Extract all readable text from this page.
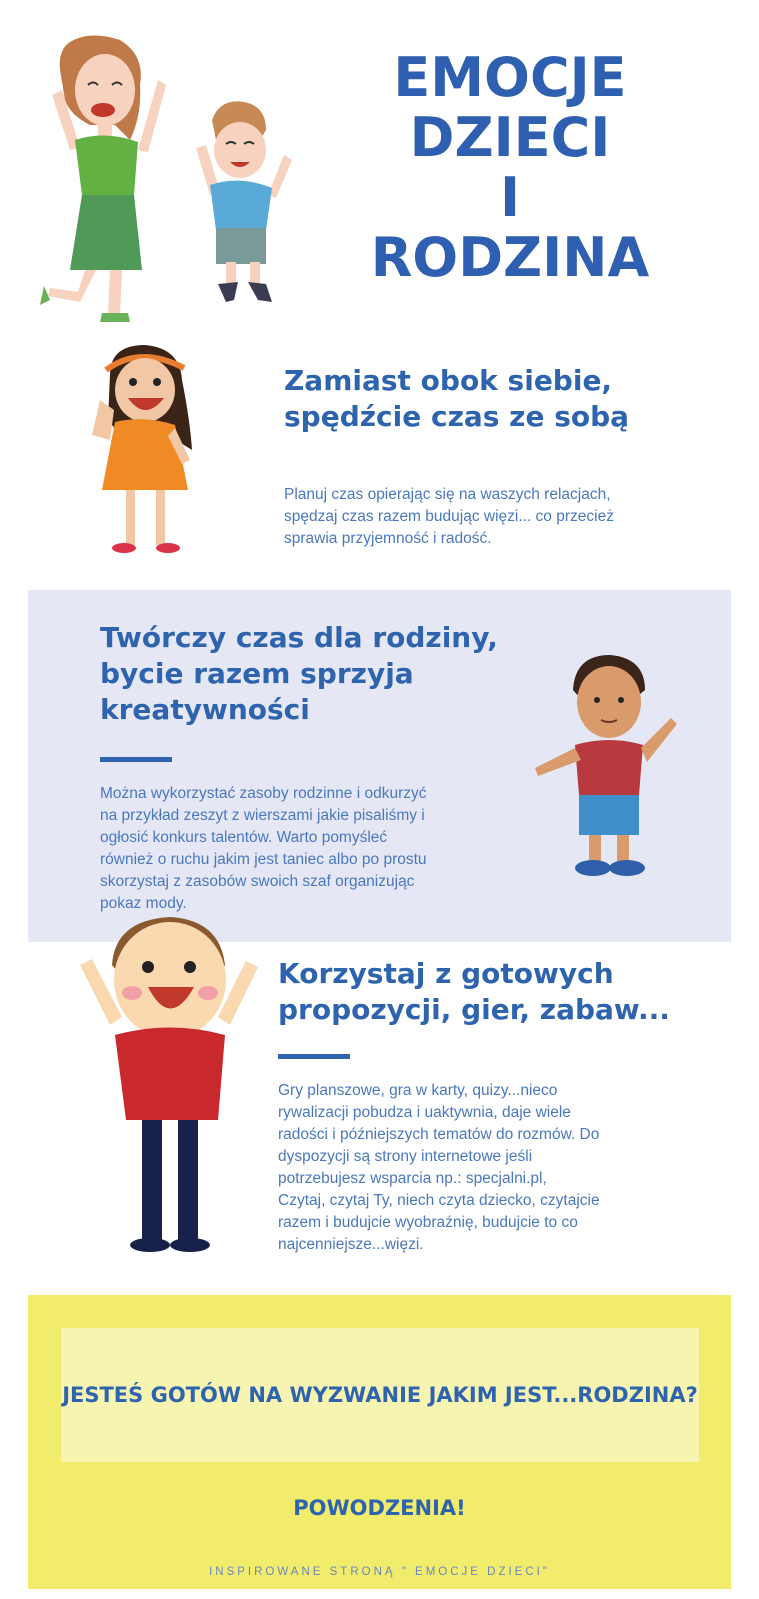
EMOCJE
DZIECI
I
RODZINA
Zamiast obok siebie,
spędźcie czas ze sobą
Planuj czas opierając się na waszych relacjach,
spędzaj czas razem budując więzi... co przecież
sprawia przyjemność i radość.
Twórczy czas dla rodziny,
bycie razem sprzyja
kreatywności
Można wykorzystać zasoby rodzinne i odkurzyć
na przykład zeszyt z wierszami jakie pisaliśmy i
ogłosić konkurs talentów. Warto pomyśleć
również o ruchu jakim jest taniec albo po prostu
skorzystaj z zasobów swoich szaf organizując
pokaz mody.
Korzystaj z gotowych
propozycji, gier, zabaw...
Gry planszowe, gra w karty, quizy...nieco
rywalizacji pobudza i uaktywnia, daje wiele
radości i późniejszych tematów do rozmów. Do
dyspozycji są strony internetowe jeśli
potrzebujesz wsparcia np.: specjalni.pl,
Czytaj, czytaj Ty, niech czyta dziecko, czytajcie
razem i budujcie wyobraźnię, budujcie to co
najcenniejsze...więzi.
JESTEŚ GOTÓW NA WYZWANIE JAKIM JEST...RODZINA?
POWODZENIA!
INSPIROWANE STRONĄ " EMOCJE DZIECI"
